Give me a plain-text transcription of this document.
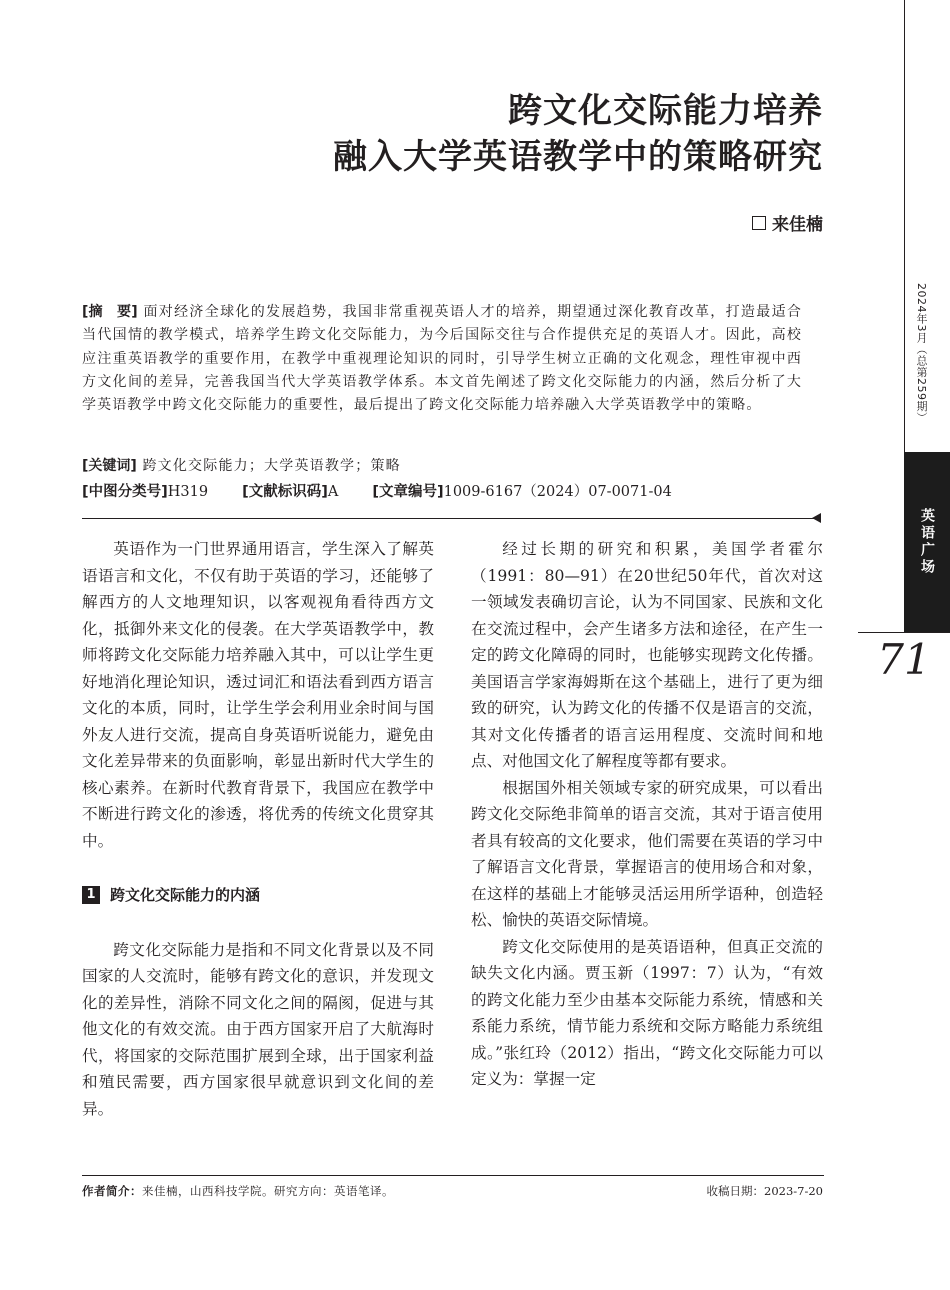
跨文化交际能力培养
融入大学英语教学中的策略研究
来佳楠
[摘　要] 面对经济全球化的发展趋势，我国非常重视英语人才的培养，期望通过深化教育改革，打造最适合当代国情的教学模式，培养学生跨文化交际能力，为今后国际交往与合作提供充足的英语人才。因此，高校应注重英语教学的重要作用，在教学中重视理论知识的同时，引导学生树立正确的文化观念，理性审视中西方文化间的差异，完善我国当代大学英语教学体系。本文首先阐述了跨文化交际能力的内涵，然后分析了大学英语教学中跨文化交际能力的重要性，最后提出了跨文化交际能力培养融入大学英语教学中的策略。
[关键词] 跨文化交际能力；大学英语教学；策略
[中图分类号]H319 [文献标识码]A [文章编号]1009-6167（2024）07-0071-04

英语作为一门世界通用语言，学生深入了解英语语言和文化，不仅有助于英语的学习，还能够了解西方的人文地理知识，以客观视角看待西方文化，抵御外来文化的侵袭。在大学英语教学中，教师将跨文化交际能力培养融入其中，可以让学生更好地消化理论知识，透过词汇和语法看到西方语言文化的本质，同时，让学生学会利用业余时间与国外友人进行交流，提高自身英语听说能力，避免由文化差异带来的负面影响，彰显出新时代大学生的核心素养。在新时代教育背景下，我国应在教学中不断进行跨文化的渗透，将优秀的传统文化贯穿其中。

1 跨文化交际能力的内涵

跨文化交际能力是指和不同文化背景以及不同国家的人交流时，能够有跨文化的意识，并发现文化的差异性，消除不同文化之间的隔阂，促进与其他文化的有效交流。由于西方国家开启了大航海时代，将国家的交际范围扩展到全球，出于国家利益和殖民需要，西方国家很早就意识到文化间的差异。

经过长期的研究和积累，美国学者霍尔（1991：80—91）在20世纪50年代，首次对这一领域发表确切言论，认为不同国家、民族和文化在交流过程中，会产生诸多方法和途径，在产生一定的跨文化障碍的同时，也能够实现跨文化传播。美国语言学家海姆斯在这个基础上，进行了更为细致的研究，认为跨文化的传播不仅是语言的交流，其对文化传播者的语言运用程度、交流时间和地点、对他国文化了解程度等都有要求。

根据国外相关领域专家的研究成果，可以看出跨文化交际绝非简单的语言交流，其对于语言使用者具有较高的文化要求，他们需要在英语的学习中了解语言文化背景，掌握语言的使用场合和对象，在这样的基础上才能够灵活运用所学语种，创造轻松、愉快的英语交际情境。

跨文化交际使用的是英语语种，但真正交流的缺失文化内涵。贾玉新（1997：7）认为，“有效的跨文化能力至少由基本交际能力系统，情感和关系能力系统，情节能力系统和交际方略能力系统组成。”张红玲（2012）指出，“跨文化交际能力可以定义为：掌握一定

作者简介：来佳楠，山西科技学院。研究方向：英语笔译。	收稿日期：2023-7-20
2024年3月（总第259期）
英语广场
71
